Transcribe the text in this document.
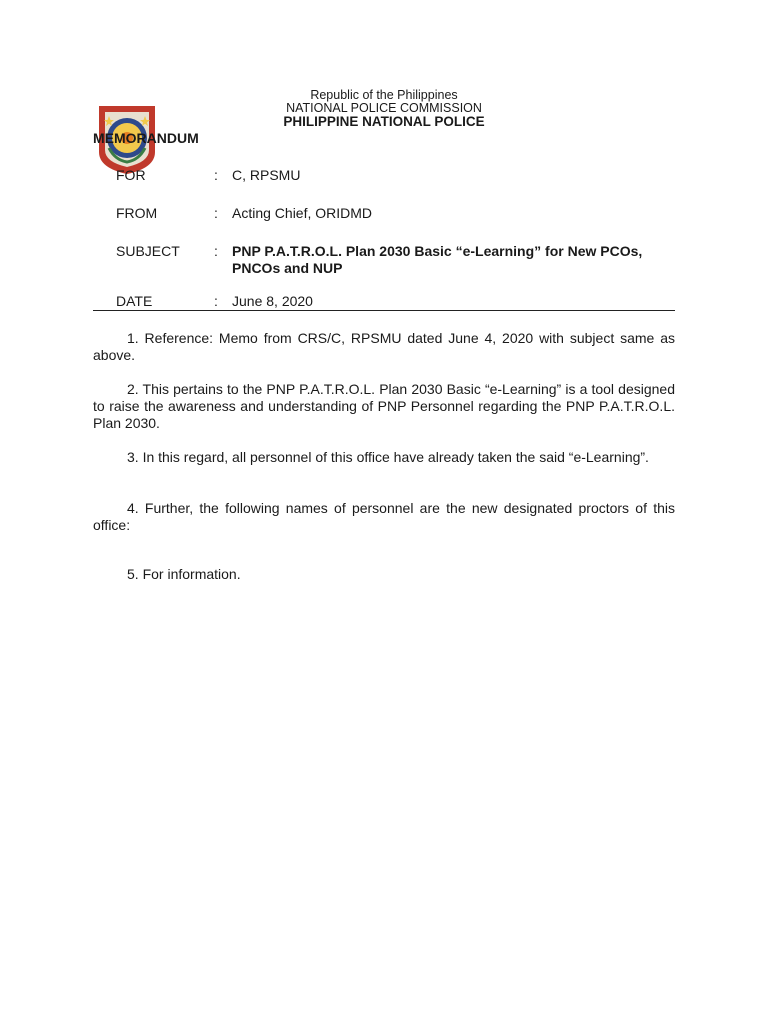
Republic of the Philippines
NATIONAL POLICE COMMISSION
PHILIPPINE NATIONAL POLICE
MEMORANDUM
FOR	:	C, RPSMU
FROM	:	Acting Chief, ORIDMD
SUBJECT	:	PNP P.A.T.R.O.L. Plan 2030 Basic “e-Learning” for New PCOs, PNCOs and NUP
DATE	:	June 8, 2020
1. Reference: Memo from CRS/C, RPSMU dated June 4, 2020 with subject same as above.
2. This pertains to the PNP P.A.T.R.O.L. Plan 2030 Basic “e-Learning” is a tool designed to raise the awareness and understanding of PNP Personnel regarding the PNP P.A.T.R.O.L. Plan 2030.
3. In this regard, all personnel of this office have already taken the said “e-Learning”.
4. Further, the following names of personnel are the new designated proctors of this office:
5. For information.
